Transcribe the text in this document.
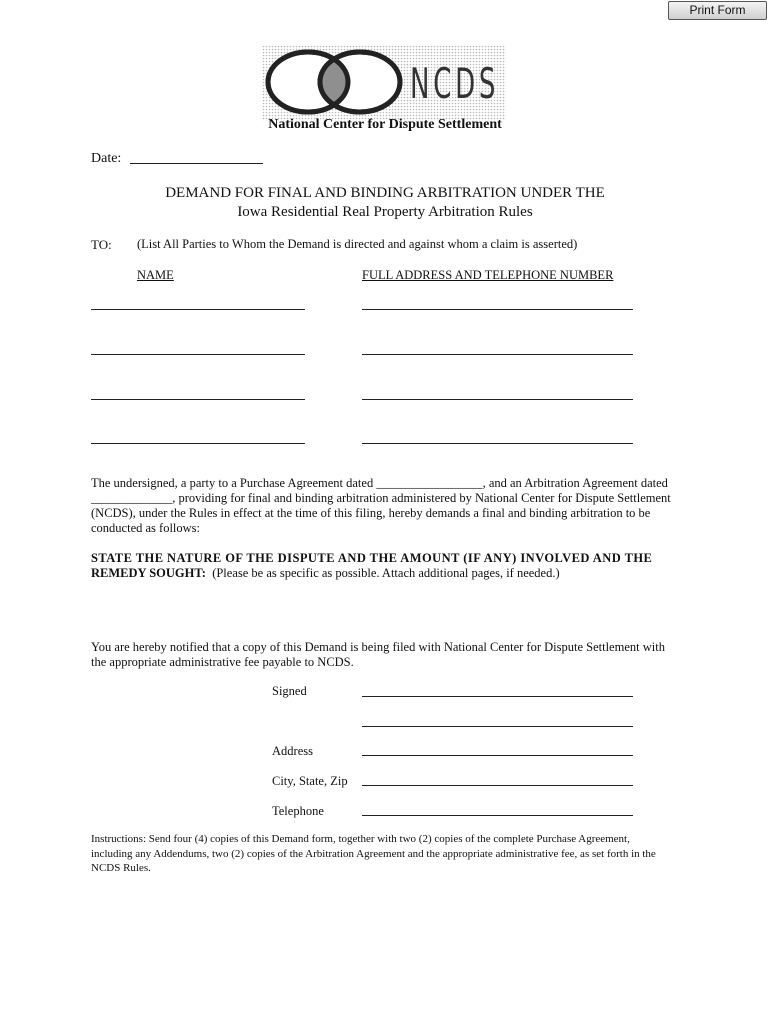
Print Form
NCDS
National Center for Dispute Settlement
Date:
DEMAND FOR FINAL AND BINDING ARBITRATION UNDER THE
Iowa Residential Real Property Arbitration Rules
TO: (List All Parties to Whom the Demand is directed and against whom a claim is asserted)
NAME	FULL ADDRESS AND TELEPHONE NUMBER
The undersigned, a party to a Purchase Agreement dated _________________, and an Arbitration Agreement dated
_____________, providing for final and binding arbitration administered by National Center for Dispute Settlement
(NCDS), under the Rules in effect at the time of this filing, hereby demands a final and binding arbitration to be
conducted as follows:
STATE THE NATURE OF THE DISPUTE AND THE AMOUNT (IF ANY) INVOLVED AND THE
REMEDY SOUGHT: (Please be as specific as possible. Attach additional pages, if needed.)
You are hereby notified that a copy of this Demand is being filed with National Center for Dispute Settlement with
the appropriate administrative fee payable to NCDS.
Signed
Address
City, State, Zip
Telephone
Instructions: Send four (4) copies of this Demand form, together with two (2) copies of the complete Purchase Agreement,
including any Addendums, two (2) copies of the Arbitration Agreement and the appropriate administrative fee, as set forth in the
NCDS Rules.
